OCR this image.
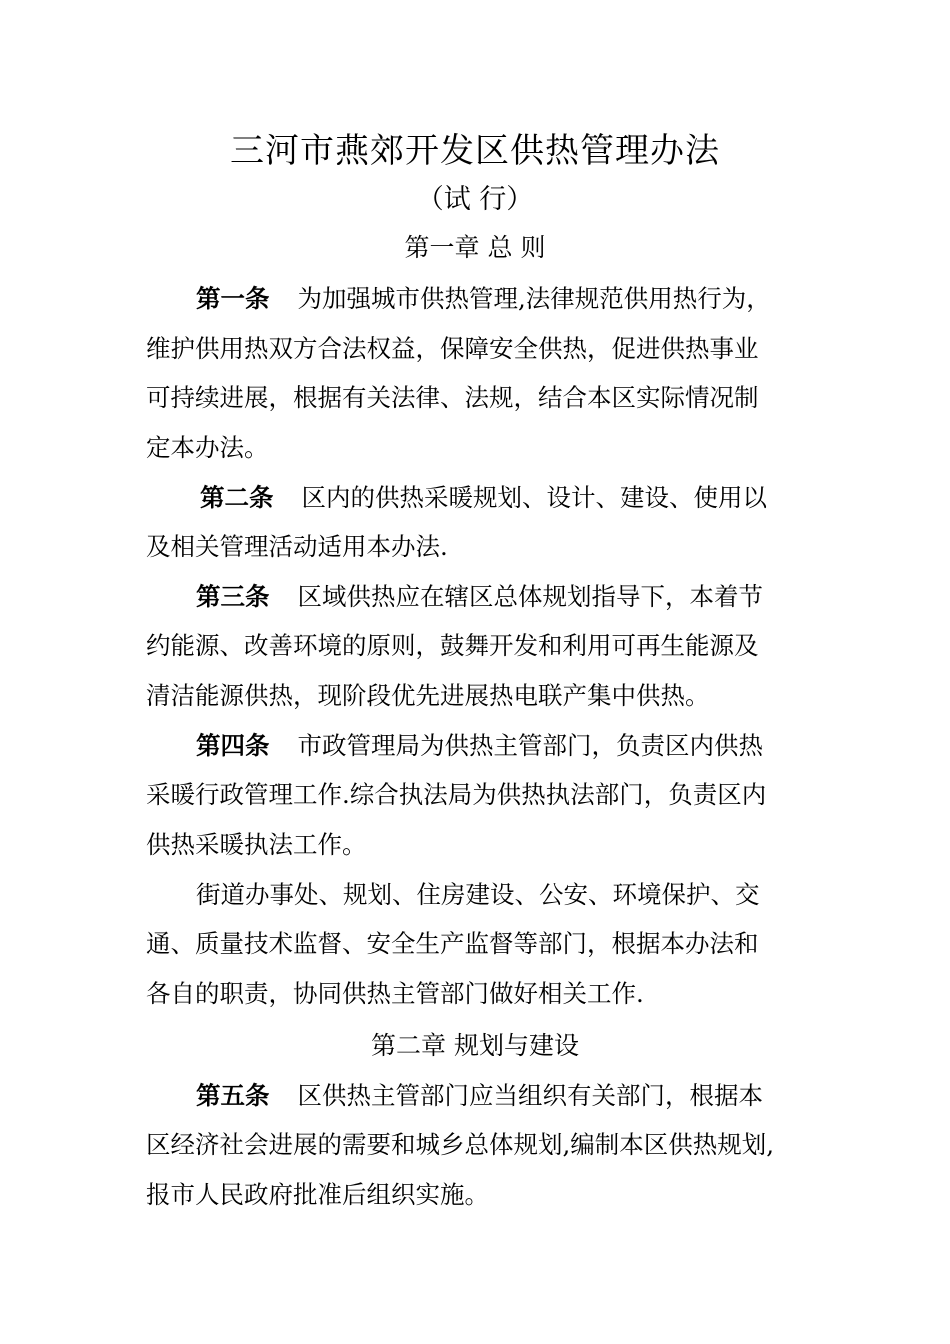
三河市燕郊开发区供热管理办法
（试 行）
第一章 总 则
第一条 为加强城市供热管理,法律规范供用热行为，
维护供用热双方合法权益，保障安全供热，促进供热事业
可持续进展，根据有关法律、法规，结合本区实际情况制
定本办法。
第二条 区内的供热采暖规划、设计、建设、使用以
及相关管理活动适用本办法.
第三条 区域供热应在辖区总体规划指导下，本着节
约能源、改善环境的原则，鼓舞开发和利用可再生能源及
清洁能源供热，现阶段优先进展热电联产集中供热。
第四条 市政管理局为供热主管部门，负责区内供热
采暖行政管理工作.综合执法局为供热执法部门，负责区内
供热采暖执法工作。
街道办事处、规划、住房建设、公安、环境保护、交
通、质量技术监督、安全生产监督等部门，根据本办法和
各自的职责，协同供热主管部门做好相关工作.
第二章 规划与建设
第五条 区供热主管部门应当组织有关部门，根据本
区经济社会进展的需要和城乡总体规划,编制本区供热规划,
报市人民政府批准后组织实施。
